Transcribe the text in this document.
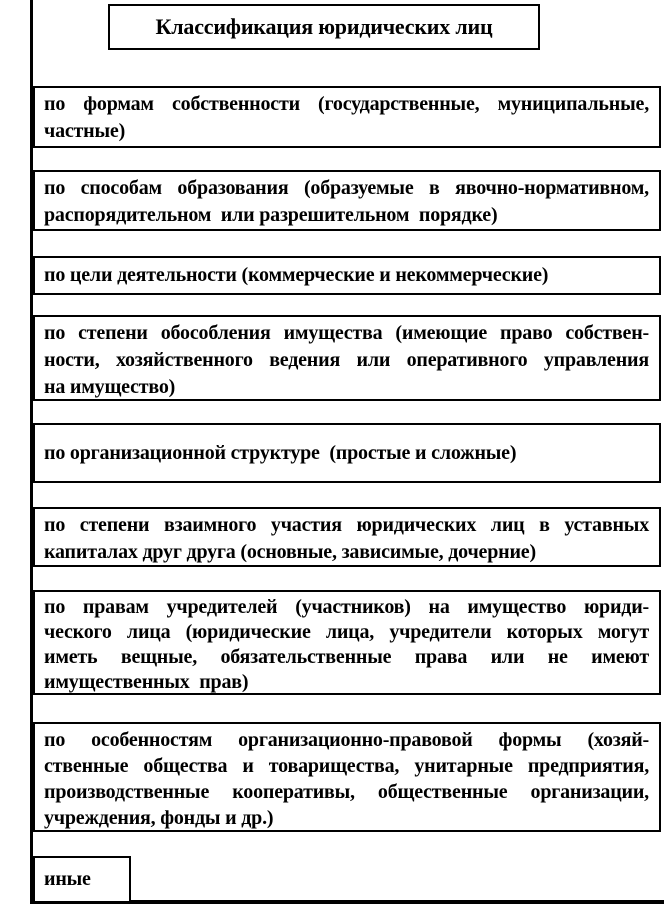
Классификация юридических лиц
по формам собственности (государственные, муниципальные,
частные)
по способам образования (образуемые в явочно-нормативном,
распорядительном  или разрешительном  порядке)
по цели деятельности (коммерческие и некоммерческие)
по степени обособления имущества (имеющие право собствен-
ности, хозяйственного ведения или оперативного управления
на имущество)
по организационной структуре  (простые и сложные)
по степени взаимного участия юридических лиц в уставных
капиталах друг друга (основные, зависимые, дочерние)
по правам учредителей (участников) на имущество юриди-
ческого лица (юридические лица, учредители которых могут
иметь вещные, обязательственные права или не имеют
имущественных  прав)
по особенностям организационно-правовой формы (хозяй-
ственные общества и товарищества, унитарные предприятия,
производственные кооперативы, общественные организации,
учреждения, фонды и др.)
иные
